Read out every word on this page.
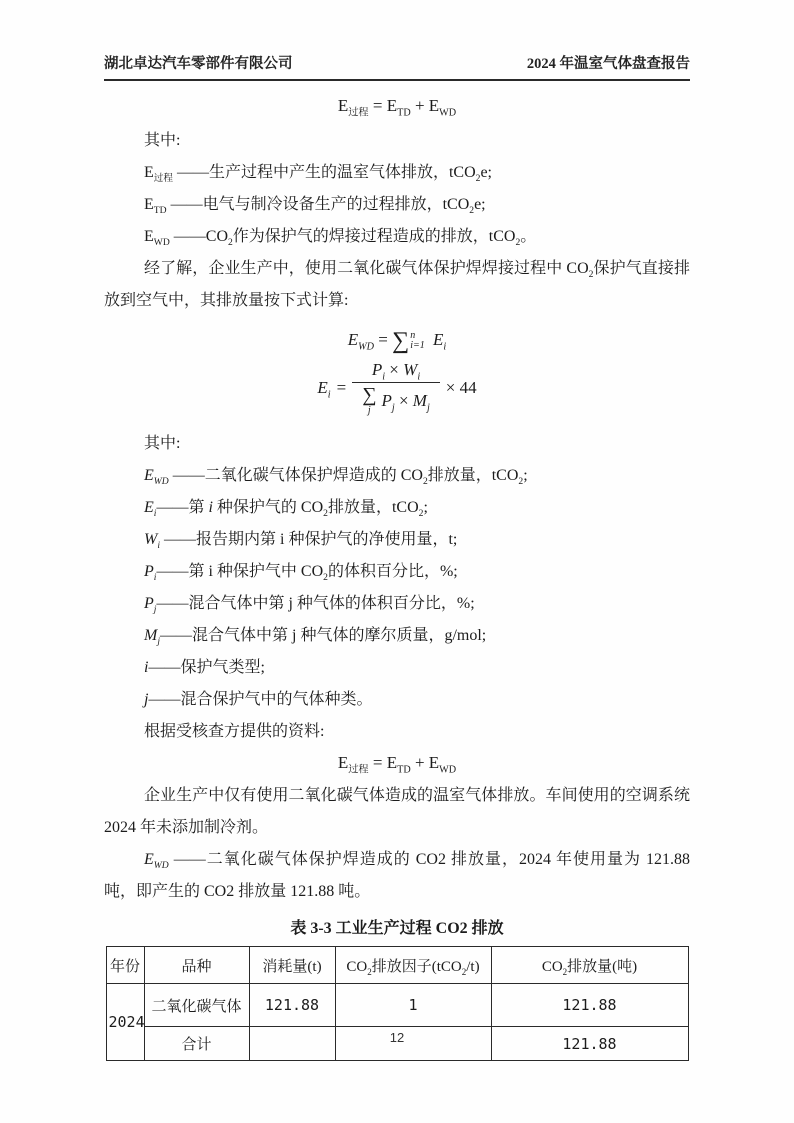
湖北卓达汽车零部件有限公司	2024 年温室气体盘查报告
$E_{过程} = E_{TD} + E_{WD}$
其中:
$E_{过程}$ ——生产过程中产生的温室气体排放，tCO$_2$e;
$E_{TD}$ ——电气与制冷设备生产的过程排放，tCO$_2$e;
$E_{WD}$ $——CO_2$作为保护气的焊接过程造成的排放，tCO$_2$。
经了解，企业生产中，使用二氧化碳气体保护焊焊接过程中 $CO_2$保护气直接排放到空气中，其排放量按下式计算:
$E_{WD}$ = ∑ n
i=1 $E_i$
$E_i = P_i \times W_i$
∑
j
$P_j \times M_j \times 44$
其中:
$E_{WD}$ ——二氧化碳气体保护焊造成的 $CO_2$排放量，tCO$_2$;
$E_i——$第 i 种保护气的 $CO_2$排放量，tCO$_2$;
$W_i$ ——报告期内第 i 种保护气的净使用量，t;
$P_i——$第 i 种保护气中 $CO_2$的体积百分比，%;
$P_j——$混合气体中第 j 种气体的体积百分比，%;
$M_j——$混合气体中第 j 种气体的摩尔质量，g/mol;
i——保护气类型;
j——混合保护气中的气体种类。
根据受核查方提供的资料:
$E_{过程} = E_{TD} + E_{WD}$
企业生产中仅有使用二氧化碳气体造成的温室气体排放。车间使用的空调系统 2024 年未添加制冷剂。
$E_{WD}$ ——二氧化碳气体保护焊造成的 CO2 排放量，2024 年使用量为 121.88 吨，即产生的 CO2 排放量 121.88 吨。
表 3-3 工业生产过程 CO2 排放
年份	品种	消耗量(t)	$CO_2$排放因子(tCO$_2$/t)	$CO_2$排放量(吨)
2024	二氧化碳气体	121.88	1	121.88
	合计			121.88
12
